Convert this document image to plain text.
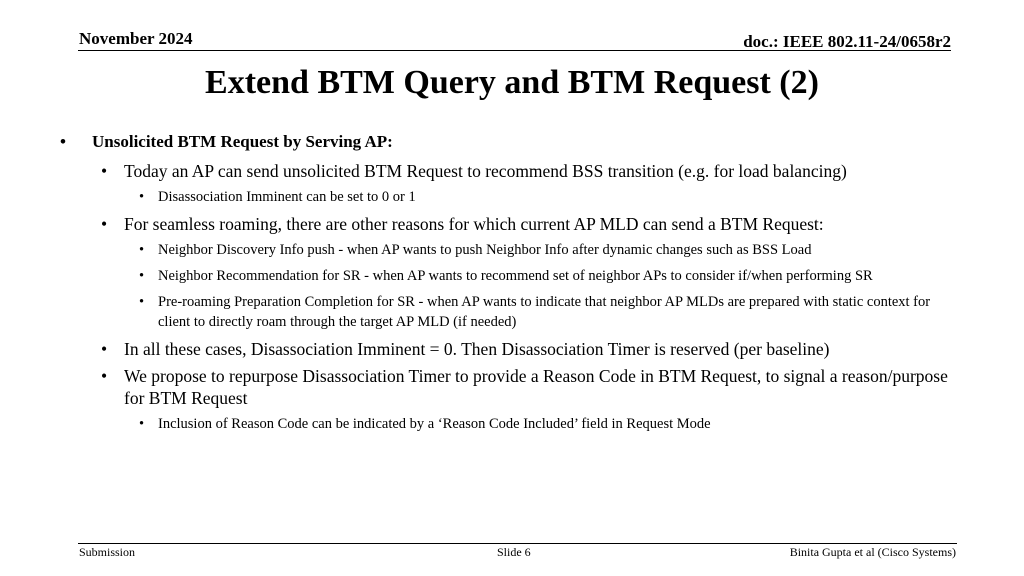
November 2024	doc.: IEEE 802.11-24/0658r2
Extend BTM Query and BTM Request (2)
• Unsolicited BTM Request by Serving AP:
• Today an AP can send unsolicited BTM Request to recommend BSS transition (e.g. for load balancing)
• Disassociation Imminent can be set to 0 or 1
• For seamless roaming, there are other reasons for which current AP MLD can send a BTM Request:
• Neighbor Discovery Info push - when AP wants to push Neighbor Info after dynamic changes such as BSS Load
• Neighbor Recommendation for SR - when AP wants to recommend set of neighbor APs to consider if/when performing SR
• Pre-roaming Preparation Completion for SR - when AP wants to indicate that neighbor AP MLDs are prepared with static context for client to directly roam through the target AP MLD (if needed)
• In all these cases, Disassociation Imminent = 0. Then Disassociation Timer is reserved (per baseline)
• We propose to repurpose Disassociation Timer to provide a Reason Code in BTM Request, to signal a reason/purpose for BTM Request
• Inclusion of Reason Code can be indicated by a ‘Reason Code Included’ field in Request Mode
Submission	Slide 6	Binita Gupta et al (Cisco Systems)
